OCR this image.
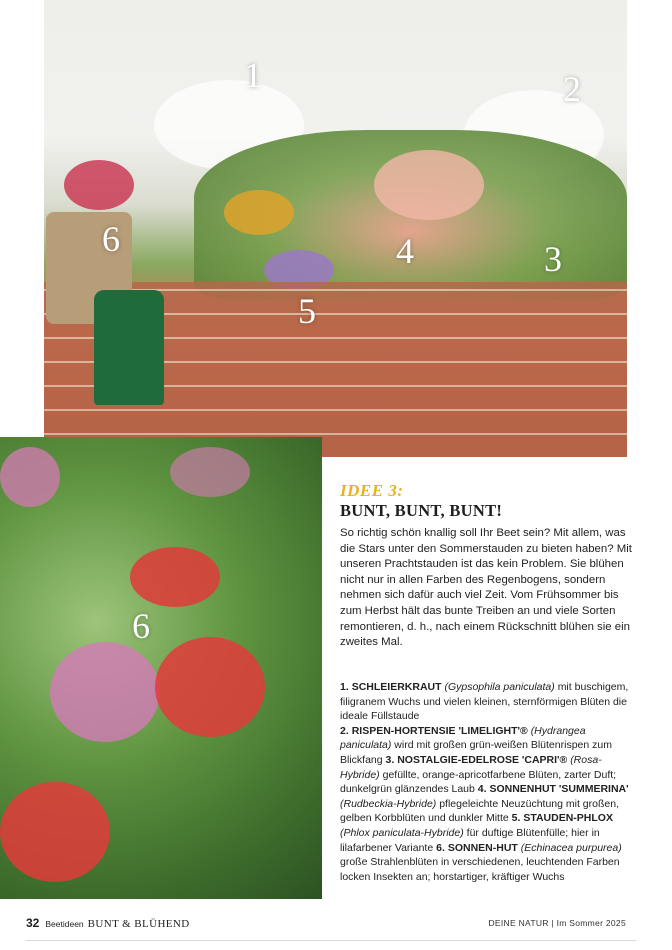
1	2
3
4
5
6
6
IDEE 3:
BUNT, BUNT, BUNT!

So richtig schön knallig soll Ihr Beet sein? Mit allem, was die Stars unter den Sommerstauden zu bieten haben? Mit unseren Prachtstauden ist das kein Problem. Sie blühen nicht nur in allen Farben des Regenbogens, sondern nehmen sich dafür auch viel Zeit. Vom Frühsommer bis zum Herbst hält das bunte Treiben an und viele Sorten remontieren, d. h., nach einem Rückschnitt blühen sie ein zweites Mal.

1. SCHLEIERKRAUT (Gypsophila paniculata) mit buschigem, filigranem Wuchs und vielen kleinen, sternförmigen Blüten die ideale Füllstaude
2. RISPEN-HORTENSIE 'LIMELIGHT'® (Hydrangea paniculata) wird mit großen grün-weißen Blütenrispen zum Blickfang 3. NOSTALGIE-EDELROSE 'CAPRI'® (Rosa-Hybride) gefüllte, orange-apricotfarbene Blüten, zarter Duft; dunkelgrün glänzendes Laub 4. SONNENHUT 'SUMMERINA' (Rudbeckia-Hybride) pflegeleichte Neuzüchtung mit großen, gelben Korbblüten und dunkler Mitte 5. STAUDEN-PHLOX (Phlox paniculata-Hybride) für duftige Blütenfülle; hier in lilafarbener Variante 6. SONNEN-HUT (Echinacea purpurea) große Strahlenblüten in verschiedenen, leuchtenden Farben locken Insekten an; horstartiger, kräftiger Wuchs

32 Beetideen BUNT & BLÜHEND	DEINE NATUR | Im Sommer 2025
